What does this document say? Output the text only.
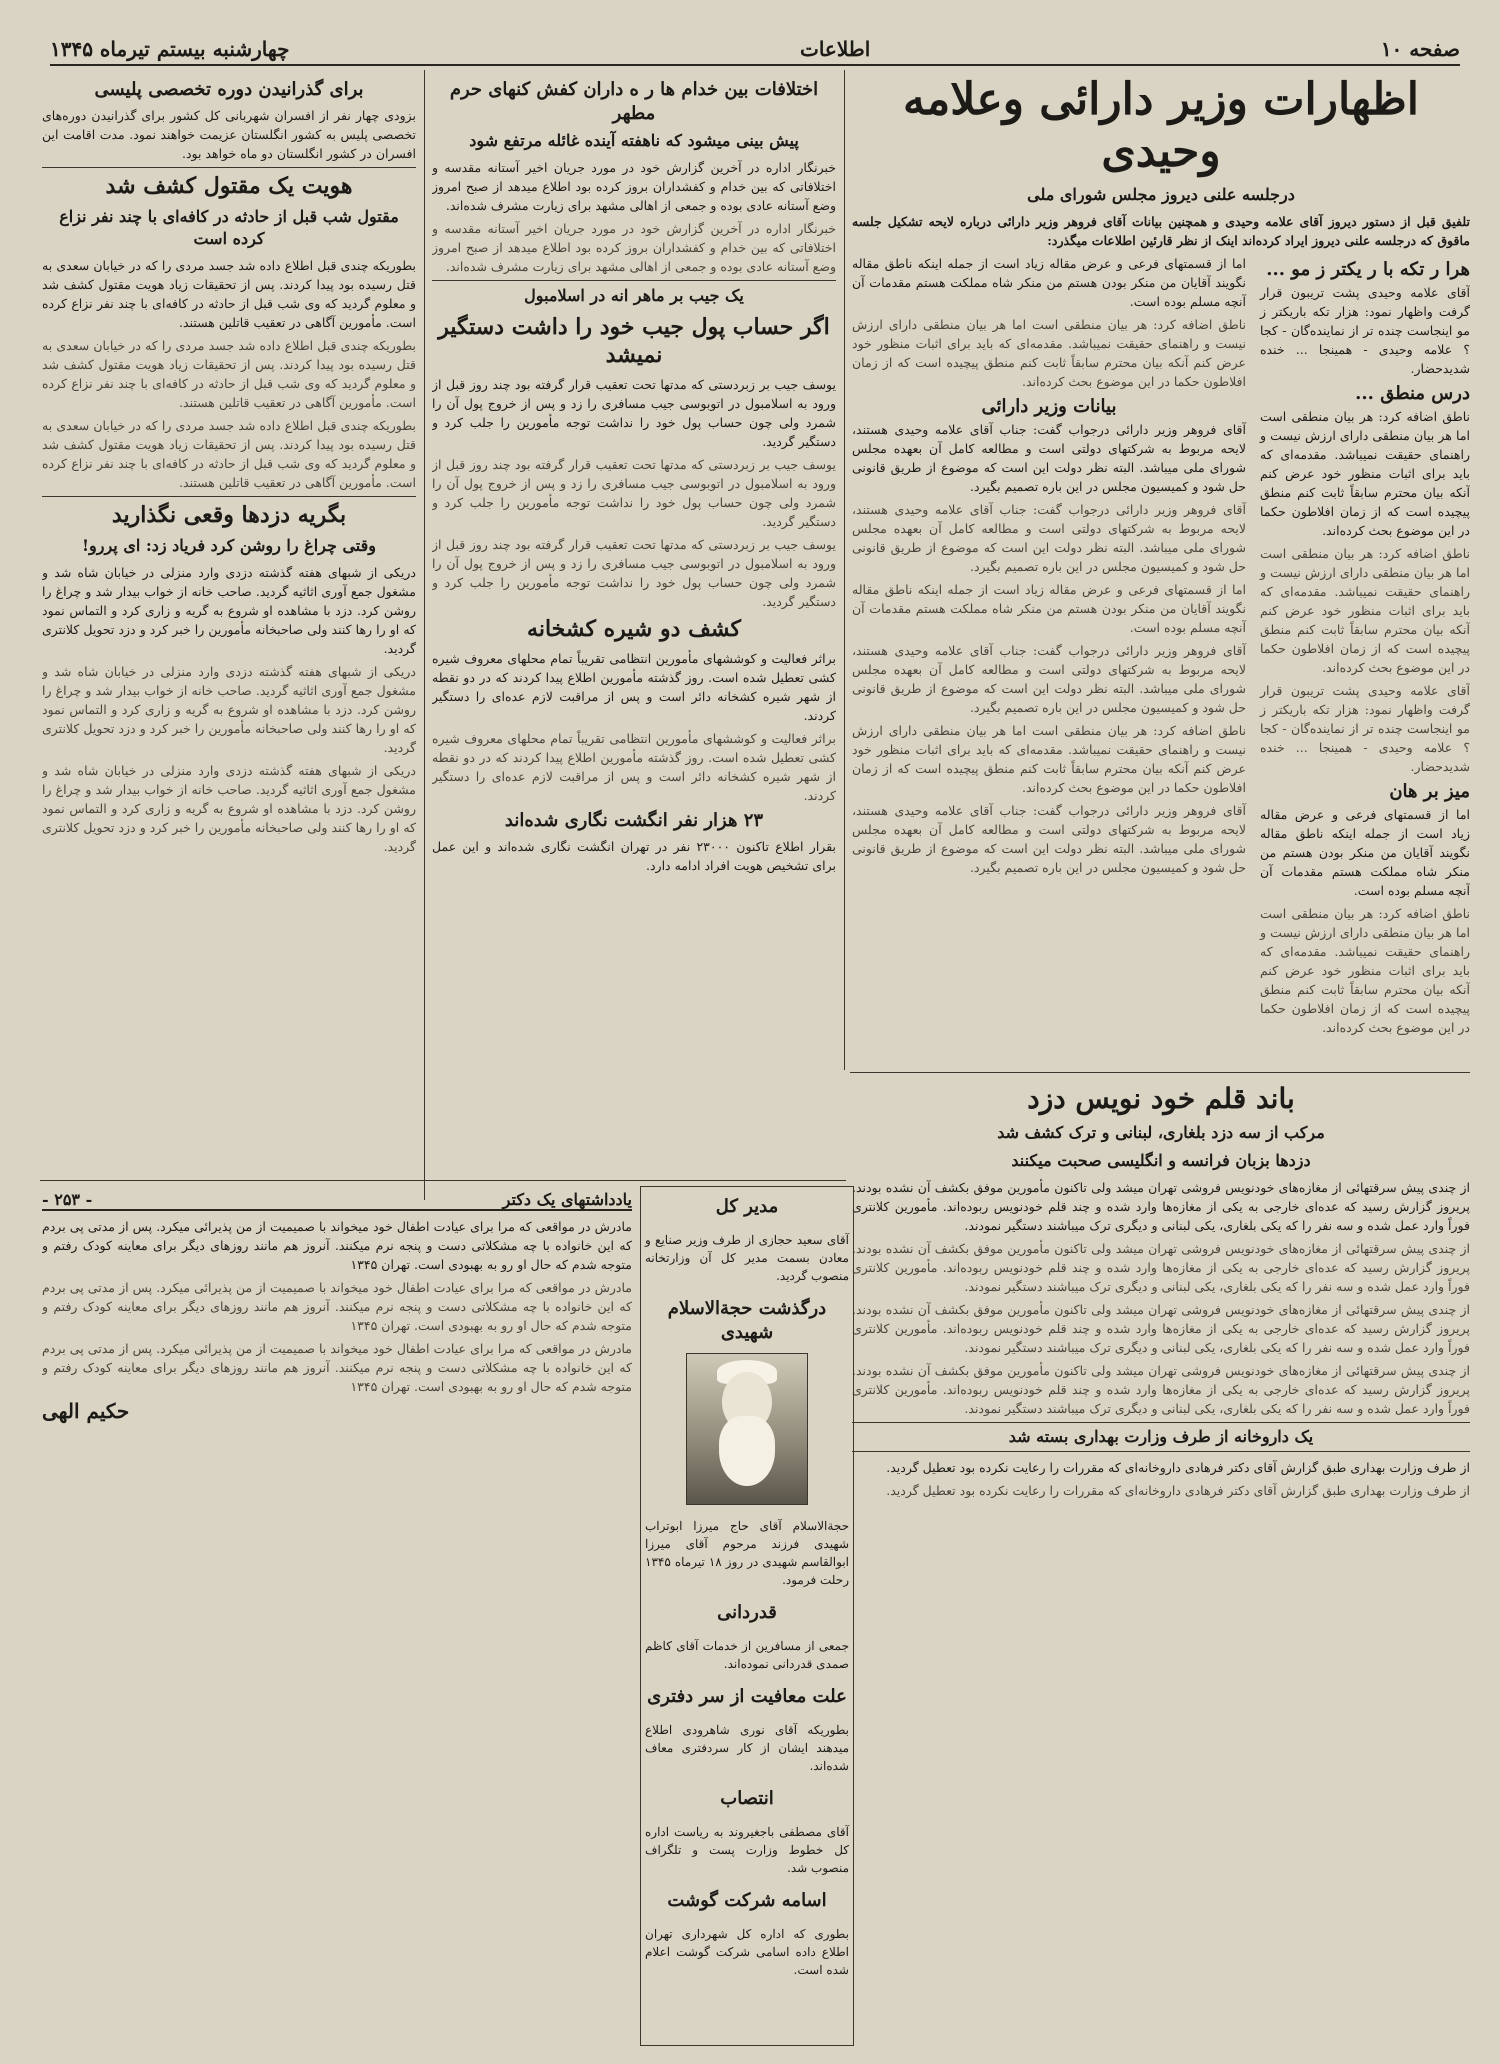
صفحه ۱۰
اطلاعات
چهارشنبه بیستم تیرماه ۱۳۴۵
اظهارات وزیر دارائی وعلامه وحیدی
درجلسه علنی دیروز مجلس شورای ملی

تلفیق قبل از دستور دیروز آقای علامه وحیدی و همچنین بیانات آقای فروهر وزیر دارائی درباره لایحه تشکیل جلسه ماقوق که درجلسه علنی دیروز ایراد کرده‌اند اینک از نظر قارئین اطلاعات میگذرد:

هرا ر تکه با ر یکتر ز مو ...

آقای علامه وحیدی پشت تریبون قرار گرفت واظهار نمود: هزار تکه باریکتر ز مو اینجاست چنده تر از نماینده‌گان - کجا ؟ علامه وحیدی - همینجا ... خنده شدیدحضار.

درس منطق ...

ناطق اضافه کرد: هر بیان منطقی است اما هر بیان منطقی دارای ارزش نیست و راهنمای حقیقت نمیباشد. مقدمه‌ای که باید برای اثبات منظور خود عرض کنم آنکه بیان محترم سابقاً ثابت کنم منطق پیچیده است که از زمان افلاطون حکما در این موضوع بحث کرده‌اند.

ناطق اضافه کرد: هر بیان منطقی است اما هر بیان منطقی دارای ارزش نیست و راهنمای حقیقت نمیباشد. مقدمه‌ای که باید برای اثبات منظور خود عرض کنم آنکه بیان محترم سابقاً ثابت کنم منطق پیچیده است که از زمان افلاطون حکما در این موضوع بحث کرده‌اند.

آقای علامه وحیدی پشت تریبون قرار گرفت واظهار نمود: هزار تکه باریکتر ز مو اینجاست چنده تر از نماینده‌گان - کجا ؟ علامه وحیدی - همینجا ... خنده شدیدحضار.

میز بر هان

اما از قسمتهای فرعی و عرض مقاله زیاد است از جمله اینکه ناطق مقاله نگویند آقایان من منکر بودن هستم من منکر شاه مملکت هستم مقدمات آن آنچه مسلم بوده است.

ناطق اضافه کرد: هر بیان منطقی است اما هر بیان منطقی دارای ارزش نیست و راهنمای حقیقت نمیباشد. مقدمه‌ای که باید برای اثبات منظور خود عرض کنم آنکه بیان محترم سابقاً ثابت کنم منطق پیچیده است که از زمان افلاطون حکما در این موضوع بحث کرده‌اند.

اما از قسمتهای فرعی و عرض مقاله زیاد است از جمله اینکه ناطق مقاله نگویند آقایان من منکر بودن هستم من منکر شاه مملکت هستم مقدمات آن آنچه مسلم بوده است.

ناطق اضافه کرد: هر بیان منطقی است اما هر بیان منطقی دارای ارزش نیست و راهنمای حقیقت نمیباشد. مقدمه‌ای که باید برای اثبات منظور خود عرض کنم آنکه بیان محترم سابقاً ثابت کنم منطق پیچیده است که از زمان افلاطون حکما در این موضوع بحث کرده‌اند.

بیانات وزیر دارائی

آقای فروهر وزیر دارائی درجواب گفت: جناب آقای علامه وحیدی هستند، لایحه مربوط به شرکتهای دولتی است و مطالعه کامل آن بعهده مجلس شورای ملی میباشد. البته نظر دولت این است که موضوع از طریق قانونی حل شود و کمیسیون مجلس در این باره تصمیم بگیرد.

آقای فروهر وزیر دارائی درجواب گفت: جناب آقای علامه وحیدی هستند، لایحه مربوط به شرکتهای دولتی است و مطالعه کامل آن بعهده مجلس شورای ملی میباشد. البته نظر دولت این است که موضوع از طریق قانونی حل شود و کمیسیون مجلس در این باره تصمیم بگیرد.

اما از قسمتهای فرعی و عرض مقاله زیاد است از جمله اینکه ناطق مقاله نگویند آقایان من منکر بودن هستم من منکر شاه مملکت هستم مقدمات آن آنچه مسلم بوده است.

آقای فروهر وزیر دارائی درجواب گفت: جناب آقای علامه وحیدی هستند، لایحه مربوط به شرکتهای دولتی است و مطالعه کامل آن بعهده مجلس شورای ملی میباشد. البته نظر دولت این است که موضوع از طریق قانونی حل شود و کمیسیون مجلس در این باره تصمیم بگیرد.

ناطق اضافه کرد: هر بیان منطقی است اما هر بیان منطقی دارای ارزش نیست و راهنمای حقیقت نمیباشد. مقدمه‌ای که باید برای اثبات منظور خود عرض کنم آنکه بیان محترم سابقاً ثابت کنم منطق پیچیده است که از زمان افلاطون حکما در این موضوع بحث کرده‌اند.

آقای فروهر وزیر دارائی درجواب گفت: جناب آقای علامه وحیدی هستند، لایحه مربوط به شرکتهای دولتی است و مطالعه کامل آن بعهده مجلس شورای ملی میباشد. البته نظر دولت این است که موضوع از طریق قانونی حل شود و کمیسیون مجلس در این باره تصمیم بگیرد.

اختلافات بین خدام ها ر ه داران کفش کنهای حرم مطهر
پیش بینی میشود که ناهفته آینده غائله مرتفع شود

خبرنگار اداره در آخرین گزارش خود در مورد جریان اخیر آستانه مقدسه و اختلافاتی که بین خدام و کفشداران بروز کرده بود اطلاع میدهد از صبح امروز وضع آستانه عادی بوده و جمعی از اهالی مشهد برای زیارت مشرف شده‌اند.

خبرنگار اداره در آخرین گزارش خود در مورد جریان اخیر آستانه مقدسه و اختلافاتی که بین خدام و کفشداران بروز کرده بود اطلاع میدهد از صبح امروز وضع آستانه عادی بوده و جمعی از اهالی مشهد برای زیارت مشرف شده‌اند.

یک جیب بر ماهر انه در اسلامبول
اگر حساب پول جیب خود را داشت دستگیر نمیشد

یوسف جیب بر زبردستی که مدتها تحت تعقیب قرار گرفته بود چند روز قبل از ورود به اسلامبول در اتوبوسی جیب مسافری را زد و پس از خروج پول آن را شمرد ولی چون حساب پول خود را نداشت توجه مأمورین را جلب کرد و دستگیر گردید.

یوسف جیب بر زبردستی که مدتها تحت تعقیب قرار گرفته بود چند روز قبل از ورود به اسلامبول در اتوبوسی جیب مسافری را زد و پس از خروج پول آن را شمرد ولی چون حساب پول خود را نداشت توجه مأمورین را جلب کرد و دستگیر گردید.

یوسف جیب بر زبردستی که مدتها تحت تعقیب قرار گرفته بود چند روز قبل از ورود به اسلامبول در اتوبوسی جیب مسافری را زد و پس از خروج پول آن را شمرد ولی چون حساب پول خود را نداشت توجه مأمورین را جلب کرد و دستگیر گردید.

کشف دو شیره کشخانه

براثر فعالیت و کوششهای مأمورین انتظامی تقریباً تمام محلهای معروف شیره کشی تعطیل شده است. روز گذشته مأمورین اطلاع پیدا کردند که در دو نقطه از شهر شیره کشخانه دائر است و پس از مراقبت لازم عده‌ای را دستگیر کردند.

براثر فعالیت و کوششهای مأمورین انتظامی تقریباً تمام محلهای معروف شیره کشی تعطیل شده است. روز گذشته مأمورین اطلاع پیدا کردند که در دو نقطه از شهر شیره کشخانه دائر است و پس از مراقبت لازم عده‌ای را دستگیر کردند.

۲۳ هزار نفر انگشت نگاری شده‌اند

بقرار اطلاع تاکنون ۲۳۰۰۰ نفر در تهران انگشت نگاری شده‌اند و این عمل برای تشخیص هویت افراد ادامه دارد.

برای گذرانیدن دوره تخصصی پلیسی

بزودی چهار نفر از افسران شهربانی کل کشور برای گذرانیدن دوره‌های تخصصی پلیس به کشور انگلستان عزیمت خواهند نمود. مدت اقامت این افسران در کشور انگلستان دو ماه خواهد بود.

هویت یک مقتول کشف شد
مقتول شب قبل از حادثه در کافه‌ای با چند نفر نزاع کرده است

بطوریکه چندی قبل اطلاع داده شد جسد مردی را که در خیابان سعدی به قتل رسیده بود پیدا کردند. پس از تحقیقات زیاد هویت مقتول کشف شد و معلوم گردید که وی شب قبل از حادثه در کافه‌ای با چند نفر نزاع کرده است. مأمورین آگاهی در تعقیب قاتلین هستند.

بطوریکه چندی قبل اطلاع داده شد جسد مردی را که در خیابان سعدی به قتل رسیده بود پیدا کردند. پس از تحقیقات زیاد هویت مقتول کشف شد و معلوم گردید که وی شب قبل از حادثه در کافه‌ای با چند نفر نزاع کرده است. مأمورین آگاهی در تعقیب قاتلین هستند.

بطوریکه چندی قبل اطلاع داده شد جسد مردی را که در خیابان سعدی به قتل رسیده بود پیدا کردند. پس از تحقیقات زیاد هویت مقتول کشف شد و معلوم گردید که وی شب قبل از حادثه در کافه‌ای با چند نفر نزاع کرده است. مأمورین آگاهی در تعقیب قاتلین هستند.

بگریه دزدها وقعی نگذارید
وقتی چراغ را روشن کرد فریاد زد: ای پررو!

دریکی از شبهای هفته گذشته دزدی وارد منزلی در خیابان شاه شد و مشغول جمع آوری اثاثیه گردید. صاحب خانه از خواب بیدار شد و چراغ را روشن کرد. دزد با مشاهده او شروع به گریه و زاری کرد و التماس نمود که او را رها کنند ولی صاحبخانه مأمورین را خبر کرد و دزد تحویل کلانتری گردید.

دریکی از شبهای هفته گذشته دزدی وارد منزلی در خیابان شاه شد و مشغول جمع آوری اثاثیه گردید. صاحب خانه از خواب بیدار شد و چراغ را روشن کرد. دزد با مشاهده او شروع به گریه و زاری کرد و التماس نمود که او را رها کنند ولی صاحبخانه مأمورین را خبر کرد و دزد تحویل کلانتری گردید.

دریکی از شبهای هفته گذشته دزدی وارد منزلی در خیابان شاه شد و مشغول جمع آوری اثاثیه گردید. صاحب خانه از خواب بیدار شد و چراغ را روشن کرد. دزد با مشاهده او شروع به گریه و زاری کرد و التماس نمود که او را رها کنند ولی صاحبخانه مأمورین را خبر کرد و دزد تحویل کلانتری گردید.

باند قلم خود نویس دزد
مرکب از سه دزد بلغاری، لبنانی و ترک کشف شد
دزدها بزبان فرانسه و انگلیسی صحبت میکنند

از چندی پیش سرقتهائی از مغازه‌های خودنویس فروشی تهران میشد ولی تاکنون مأمورین موفق بکشف آن نشده بودند. پریروز گزارش رسید که عده‌ای خارجی به یکی از مغازه‌ها وارد شده و چند قلم خودنویس ربوده‌اند. مأمورین کلانتری فوراً وارد عمل شده و سه نفر را که یکی بلغاری، یکی لبنانی و دیگری ترک میباشند دستگیر نمودند.

از چندی پیش سرقتهائی از مغازه‌های خودنویس فروشی تهران میشد ولی تاکنون مأمورین موفق بکشف آن نشده بودند. پریروز گزارش رسید که عده‌ای خارجی به یکی از مغازه‌ها وارد شده و چند قلم خودنویس ربوده‌اند. مأمورین کلانتری فوراً وارد عمل شده و سه نفر را که یکی بلغاری، یکی لبنانی و دیگری ترک میباشند دستگیر نمودند.

از چندی پیش سرقتهائی از مغازه‌های خودنویس فروشی تهران میشد ولی تاکنون مأمورین موفق بکشف آن نشده بودند. پریروز گزارش رسید که عده‌ای خارجی به یکی از مغازه‌ها وارد شده و چند قلم خودنویس ربوده‌اند. مأمورین کلانتری فوراً وارد عمل شده و سه نفر را که یکی بلغاری، یکی لبنانی و دیگری ترک میباشند دستگیر نمودند.

از چندی پیش سرقتهائی از مغازه‌های خودنویس فروشی تهران میشد ولی تاکنون مأمورین موفق بکشف آن نشده بودند. پریروز گزارش رسید که عده‌ای خارجی به یکی از مغازه‌ها وارد شده و چند قلم خودنویس ربوده‌اند. مأمورین کلانتری فوراً وارد عمل شده و سه نفر را که یکی بلغاری، یکی لبنانی و دیگری ترک میباشند دستگیر نمودند.

یک داروخانه از طرف وزارت بهداری بسته شد

از طرف وزارت بهداری طبق گزارش آقای دکتر فرهادی داروخانه‌ای که مقررات را رعایت نکرده بود تعطیل گردید.

از طرف وزارت بهداری طبق گزارش آقای دکتر فرهادی داروخانه‌ای که مقررات را رعایت نکرده بود تعطیل گردید.

مدیر کل

آقای سعید حجازی از طرف وزیر صنایع و معادن بسمت مدیر کل آن وزارتخانه منصوب گردید.

درگذشت حجة‌الاسلام شهیدی

حجة‌الاسلام آقای حاج میرزا ابوتراب شهیدی فرزند مرحوم آقای میرزا ابوالقاسم شهیدی در روز ۱۸ تیرماه ۱۳۴۵ رحلت فرمود.

قدردانی

جمعی از مسافرین از خدمات آقای کاظم صمدی قدردانی نموده‌اند.

علت معافیت از سر دفتری

بطوریکه آقای نوری شاهرودی اطلاع میدهند ایشان از کار سردفتری معاف شده‌اند.

انتصاب

آقای مصطفی باجغیروند به ریاست اداره کل خطوط وزارت پست و تلگراف منصوب شد.

اسامه شرکت گوشت

بطوری که اداره کل شهرداری تهران اطلاع داده اسامی شرکت گوشت اعلام شده است.

یادداشتهای یک دکتر
- ۲۵۳ -

مادرش در مواقعی که مرا برای عیادت اطفال خود میخواند با صمیمیت از من پذیرائی میکرد. پس از مدتی پی بردم که این خانواده با چه مشکلاتی دست و پنجه نرم میکنند. آنروز هم مانند روزهای دیگر برای معاینه کودک رفتم و متوجه شدم که حال او رو به بهبودی است. تهران ۱۳۴۵

مادرش در مواقعی که مرا برای عیادت اطفال خود میخواند با صمیمیت از من پذیرائی میکرد. پس از مدتی پی بردم که این خانواده با چه مشکلاتی دست و پنجه نرم میکنند. آنروز هم مانند روزهای دیگر برای معاینه کودک رفتم و متوجه شدم که حال او رو به بهبودی است. تهران ۱۳۴۵

مادرش در مواقعی که مرا برای عیادت اطفال خود میخواند با صمیمیت از من پذیرائی میکرد. پس از مدتی پی بردم که این خانواده با چه مشکلاتی دست و پنجه نرم میکنند. آنروز هم مانند روزهای دیگر برای معاینه کودک رفتم و متوجه شدم که حال او رو به بهبودی است. تهران ۱۳۴۵

حکیم الهی
